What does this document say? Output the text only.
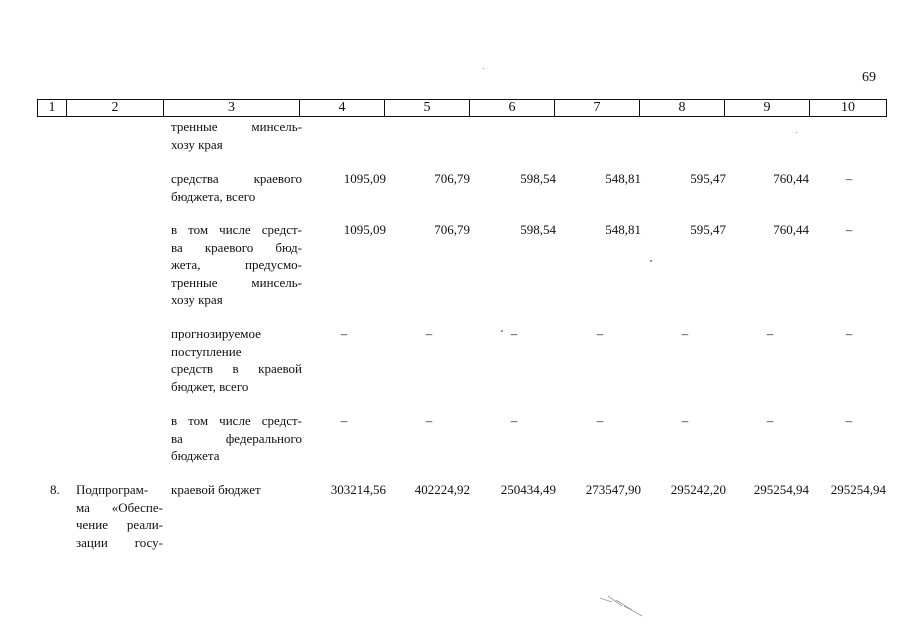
69
1	2	3	4	5	6	7	8	9	10
тренные минсель-
хозу края
средства краевого
бюджета, всего
1095,09	706,79	598,54	548,81	595,47	760,44	–
в том числе средст-
ва краевого бюд-
жета, предусмо-
тренные минсель-
хозу края
1095,09	706,79	598,54	548,81	595,47	760,44	–
прогнозируемое
поступление
средств в краевой
бюджет, всего
–	–	–	–	–	–	–
в том числе средст-
ва федерального
бюджета
–	–	–	–	–	–	–
8. Подпрограм-
ма «Обеспе-
чение реали-
зации госу-
краевой бюджет	303214,56 402224,92 250434,49 273547,90 295242,20 295254,94 295254,94
